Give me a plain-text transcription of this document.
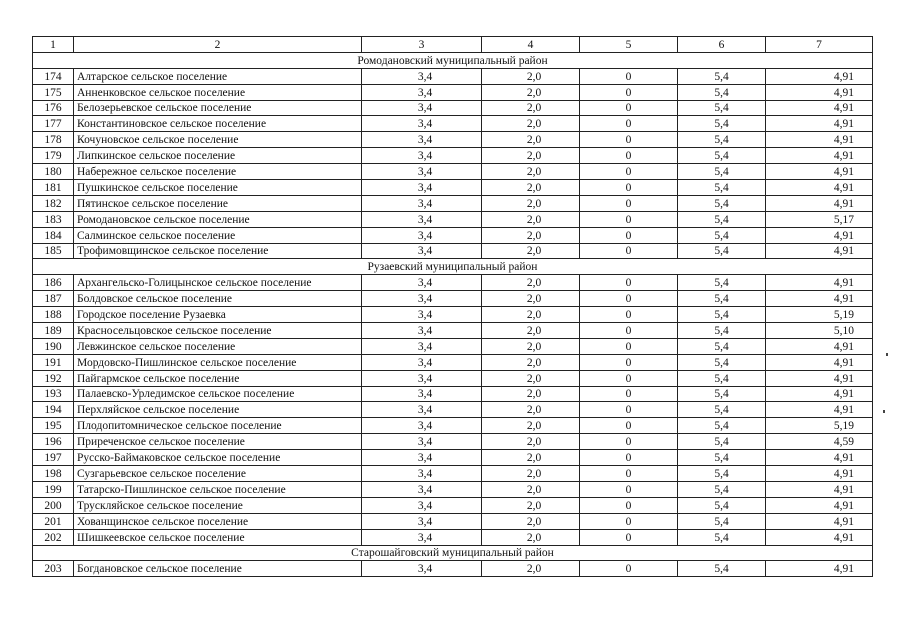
1	2	3	4	5	6	7
Ромодановский муниципальный район						
174	Алтарское сельское поселение	3,4	2,0	0	5,4	4,91
175	Анненковское сельское поселение	3,4	2,0	0	5,4	4,91
176	Белозерьевское сельское поселение	3,4	2,0	0	5,4	4,91
177	Константиновское сельское поселение	3,4	2,0	0	5,4	4,91
178	Кочуновское сельское поселение	3,4	2,0	0	5,4	4,91
179	Липкинское сельское поселение	3,4	2,0	0	5,4	4,91
180	Набережное сельское поселение	3,4	2,0	0	5,4	4,91
181	Пушкинское сельское поселение	3,4	2,0	0	5,4	4,91
182	Пятинское сельское поселение	3,4	2,0	0	5,4	4,91
183	Ромодановское сельское поселение	3,4	2,0	0	5,4	5,17
184	Салминское сельское поселение	3,4	2,0	0	5,4	4,91
185	Трофимовщинское сельское поселение	3,4	2,0	0	5,4	4,91
Рузаевский муниципальный район						
186	Архангельско-Голицынское сельское поселение	3,4	2,0	0	5,4	4,91
187	Болдовское сельское поселение	3,4	2,0	0	5,4	4,91
188	Городское поселение Рузаевка	3,4	2,0	0	5,4	5,19
189	Красносельцовское сельское поселение	3,4	2,0	0	5,4	5,10
190	Левжинское сельское поселение	3,4	2,0	0	5,4	4,91
191	Мордовско-Пишлинское сельское поселение	3,4	2,0	0	5,4	4,91
192	Пайгармское сельское поселение	3,4	2,0	0	5,4	4,91
193	Палаевско-Урледимское сельское поселение	3,4	2,0	0	5,4	4,91
194	Перхляйское сельское поселение	3,4	2,0	0	5,4	4,91
195	Плодопитомническое сельское поселение	3,4	2,0	0	5,4	5,19
196	Приреченское сельское поселение	3,4	2,0	0	5,4	4,59
197	Русско-Баймаковское сельское поселение	3,4	2,0	0	5,4	4,91
198	Сузгарьевское сельское поселение	3,4	2,0	0	5,4	4,91
199	Татарско-Пишлинское сельское поселение	3,4	2,0	0	5,4	4,91
200	Трускляйское сельское поселение	3,4	2,0	0	5,4	4,91
201	Хованщинское сельское поселение	3,4	2,0	0	5,4	4,91
202	Шишкеевское сельское поселение	3,4	2,0	0	5,4	4,91
Старошайговский муниципальный район						
203	Богдановское сельское поселение	3,4	2,0	0	5,4	4,91
